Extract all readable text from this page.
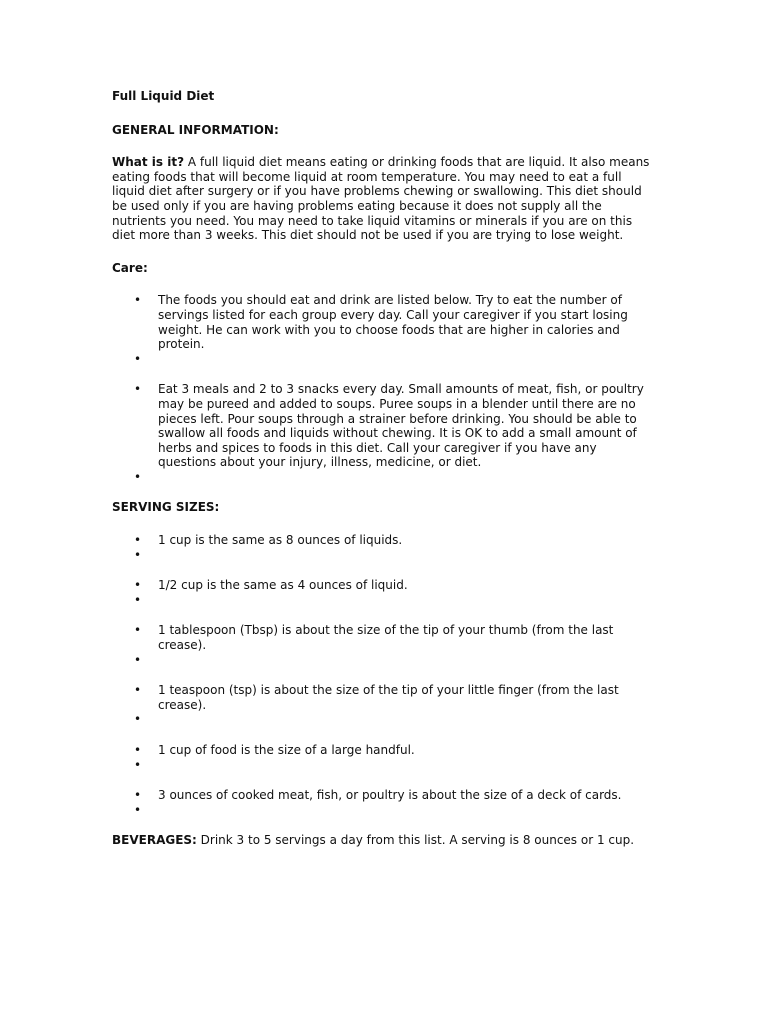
Full Liquid Diet
GENERAL INFORMATION:

What is it? A full liquid diet means eating or drinking foods that are liquid. It also means eating foods that will become liquid at room temperature. You may need to eat a full liquid diet after surgery or if you have problems chewing or swallowing. This diet should be used only if you are having problems eating because it does not supply all the nutrients you need. You may need to take liquid vitamins or minerals if you are on this diet more than 3 weeks. This diet should not be used if you are trying to lose weight.

Care:
• The foods you should eat and drink are listed below. Try to eat the number of servings listed for each group every day. Call your caregiver if you start losing weight. He can work with you to choose foods that are higher in calories and protein.
•
• Eat 3 meals and 2 to 3 snacks every day. Small amounts of meat, fish, or poultry may be pureed and added to soups. Puree soups in a blender until there are no pieces left. Pour soups through a strainer before drinking. You should be able to swallow all foods and liquids without chewing. It is OK to add a small amount of herbs and spices to foods in this diet. Call your caregiver if you have any questions about your injury, illness, medicine, or diet.
•
SERVING SIZES:
• 1 cup is the same as 8 ounces of liquids.
•
• 1/2 cup is the same as 4 ounces of liquid.
•
• 1 tablespoon (Tbsp) is about the size of the tip of your thumb (from the last crease).
•
• 1 teaspoon (tsp) is about the size of the tip of your little finger (from the last crease).
•
• 1 cup of food is the size of a large handful.
•
• 3 ounces of cooked meat, fish, or poultry is about the size of a deck of cards.
•

BEVERAGES: Drink 3 to 5 servings a day from this list. A serving is 8 ounces or 1 cup.
